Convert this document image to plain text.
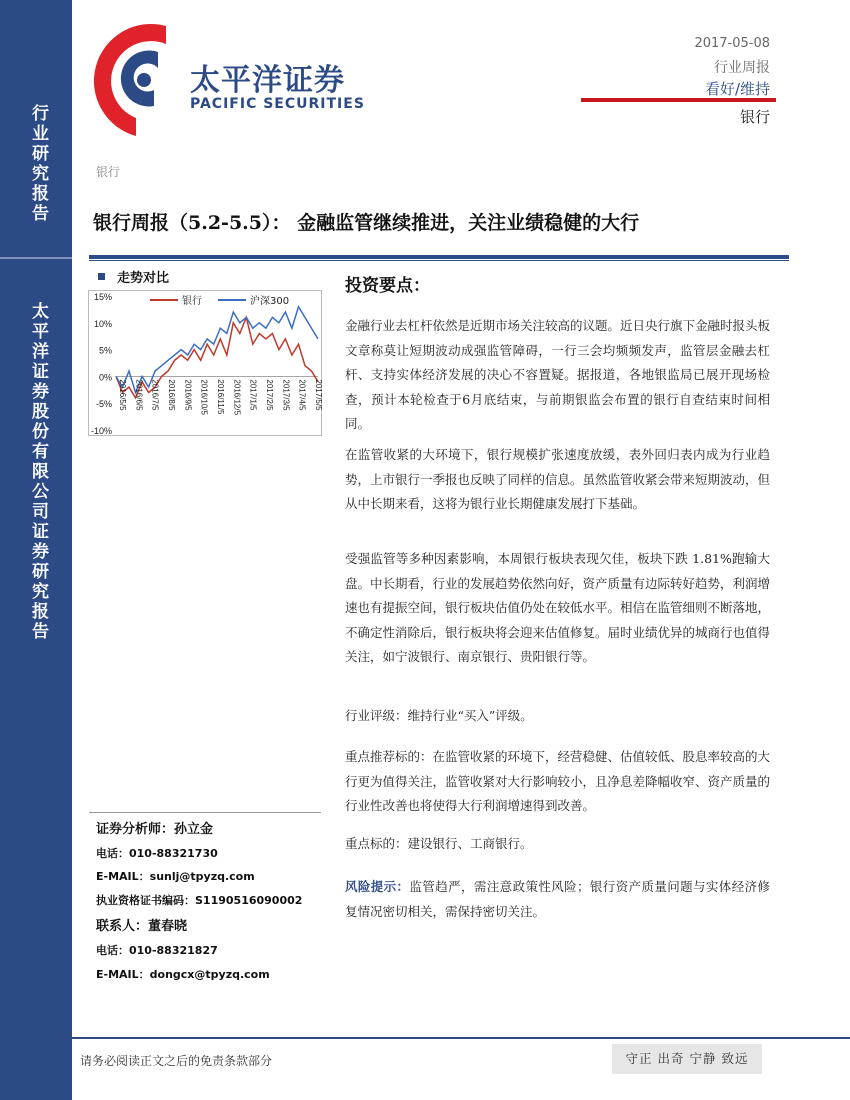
行业研究报告
太平洋证券股份有限公司证券研究报告
太平洋证券
PACIFIC SECURITIES
2017-05-08
行业周报
看好/维持
银行
银行
银行周报（5.2-5.5）： 金融监管继续推进，关注业绩稳健的大行
走势对比
15%
10%
5%
0%
-5%
-10%
2016/5/5 2016/6/5 2016/7/5 2016/8/5 2016/9/5 2016/10/5 2016/11/5 2016/12/5 2017/1/5 2017/2/5 2017/3/5 2017/4/5 2017/5/5
银行	沪深300
证券分析师：孙立金
电话：010-88321730
E-MAIL：sunlj@tpyzq.com
执业资格证书编码：S1190516090002
联系人：董春晓
电话：010-88321827
E-MAIL：dongcx@tpyzq.com
投资要点：

金融行业去杠杆依然是近期市场关注较高的议题。近日央行旗下金融时报头板文章称莫让短期波动成强监管障碍，一行三会均频频发声，监管层金融去杠杆、支持实体经济发展的决心不容置疑。据报道，各地银监局已展开现场检查，预计本轮检查于6月底结束，与前期银监会布置的银行自查结束时间相同。

在监管收紧的大环境下，银行规模扩张速度放缓，表外回归表内成为行业趋势，上市银行一季报也反映了同样的信息。虽然监管收紧会带来短期波动，但从中长期来看，这将为银行业长期健康发展打下基础。

受强监管等多种因素影响，本周银行板块表现欠佳，板块下跌 1.81%跑输大盘。中长期看，行业的发展趋势依然向好，资产质量有边际转好趋势，利润增速也有提振空间，银行板块估值仍处在较低水平。相信在监管细则不断落地，不确定性消除后，银行板块将会迎来估值修复。届时业绩优异的城商行也值得关注，如宁波银行、南京银行、贵阳银行等。

行业评级：维持行业“买入”评级。

重点推荐标的：在监管收紧的环境下，经营稳健、估值较低、股息率较高的大行更为值得关注，监管收紧对大行影响较小，且净息差降幅收窄、资产质量的行业性改善也将使得大行利润增速得到改善。

重点标的：建设银行、工商银行。

风险提示：监管趋严，需注意政策性风险；银行资产质量问题与实体经济修复情况密切相关，需保持密切关注。

请务必阅读正文之后的免责条款部分	守正 出奇 宁静 致远
